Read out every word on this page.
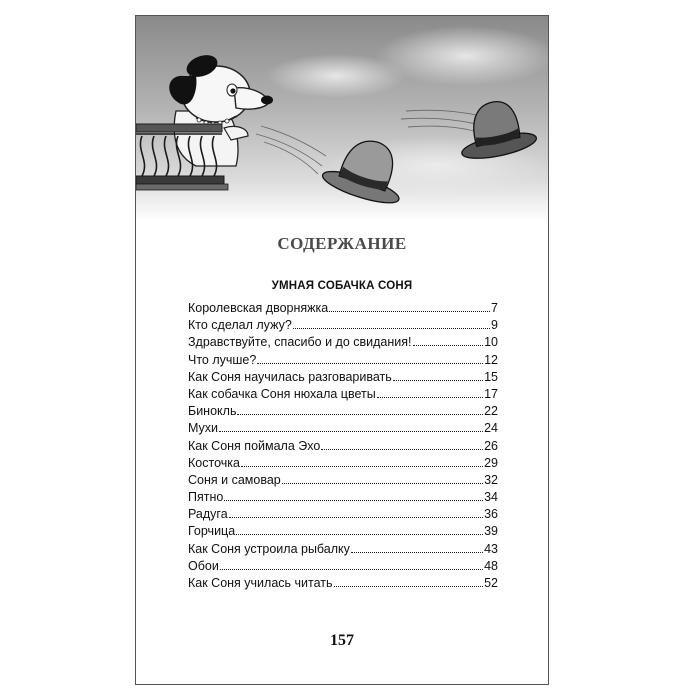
СОДЕРЖАНИЕ
УМНАЯ СОБАЧКА СОНЯ
Королевская дворняжка	7
Кто сделал лужу?	9
Здравствуйте, спасибо и до свидания!	10
Что лучше?	12
Как Соня научилась разговаривать	15
Как собачка Соня нюхала цветы	17
Бинокль	22
Мухи	24
Как Соня поймала Эхо	26
Косточка	29
Соня и самовар	32
Пятно	34
Радуга	36
Горчица	39
Как Соня устроила рыбалку	43
Обои	48
Как Соня училась читать	52
157
